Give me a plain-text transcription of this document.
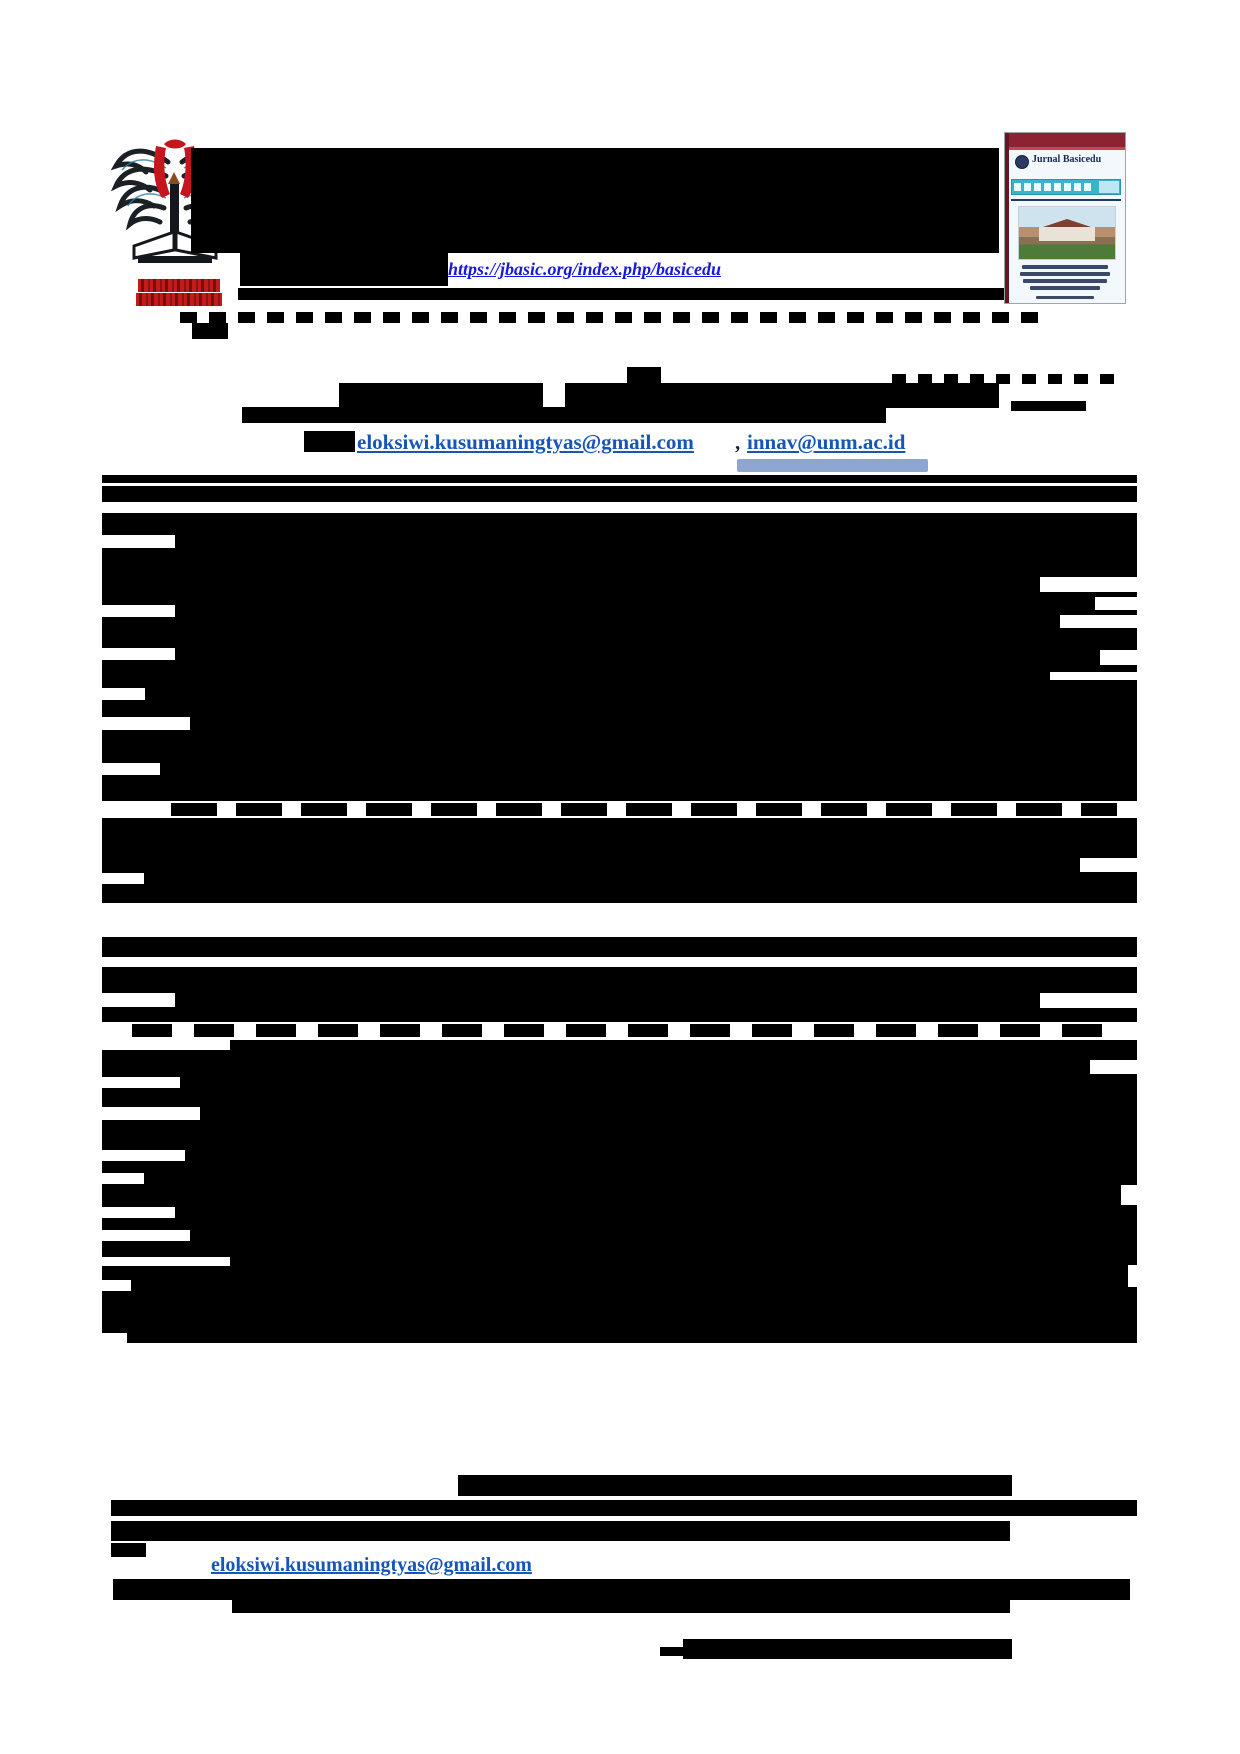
https://jbasic.org/index.php/basicedu
Jurnal Basicedu
eloksiwi.kusumaningtyas@gmail.com , innav@unm.ac.id
eloksiwi.kusumaningtyas@gmail.com
